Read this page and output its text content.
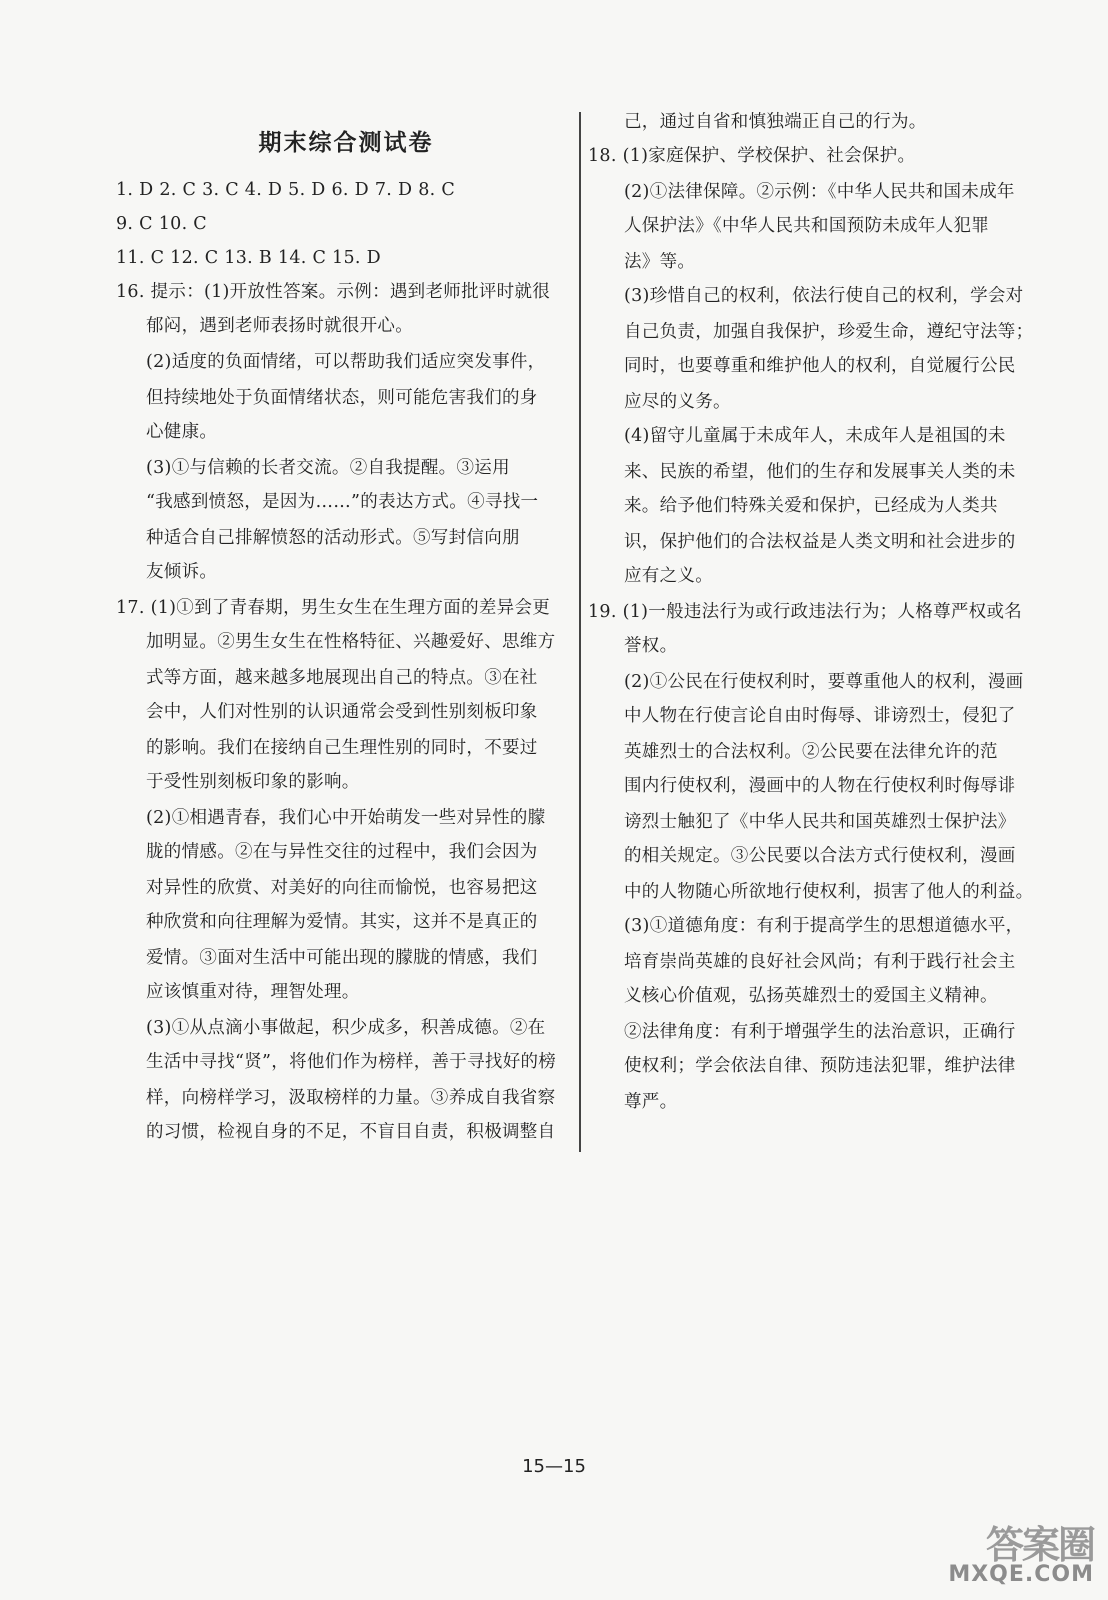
期末综合测试卷
1. D 2. C 3. C 4. D 5. D 6. D 7. D 8. C
9. C 10. C
11. C 12. C 13. B 14. C 15. D
16. 提示：(1)开放性答案。示例：遇到老师批评时就很
郁闷，遇到老师表扬时就很开心。
(2)适度的负面情绪，可以帮助我们适应突发事件，
但持续地处于负面情绪状态，则可能危害我们的身
心健康。
(3)①与信赖的长者交流。②自我提醒。③运用
“我感到愤怒，是因为……”的表达方式。④寻找一
种适合自己排解愤怒的活动形式。⑤写封信向朋
友倾诉。
17. (1)①到了青春期，男生女生在生理方面的差异会更
加明显。②男生女生在性格特征、兴趣爱好、思维方
式等方面，越来越多地展现出自己的特点。③在社
会中，人们对性别的认识通常会受到性别刻板印象
的影响。我们在接纳自己生理性别的同时，不要过
于受性别刻板印象的影响。
(2)①相遇青春，我们心中开始萌发一些对异性的朦
胧的情感。②在与异性交往的过程中，我们会因为
对异性的欣赏、对美好的向往而愉悦，也容易把这
种欣赏和向往理解为爱情。其实，这并不是真正的
爱情。③面对生活中可能出现的朦胧的情感，我们
应该慎重对待，理智处理。
(3)①从点滴小事做起，积少成多，积善成德。②在
生活中寻找“贤”，将他们作为榜样，善于寻找好的榜
样，向榜样学习，汲取榜样的力量。③养成自我省察
的习惯，检视自身的不足，不盲目自责，积极调整自
己，通过自省和慎独端正自己的行为。
18. (1)家庭保护、学校保护、社会保护。
(2)①法律保障。②示例：《中华人民共和国未成年
人保护法》《中华人民共和国预防未成年人犯罪
法》等。
(3)珍惜自己的权利，依法行使自己的权利，学会对
自己负责，加强自我保护，珍爱生命，遵纪守法等；
同时，也要尊重和维护他人的权利，自觉履行公民
应尽的义务。
(4)留守儿童属于未成年人，未成年人是祖国的未
来、民族的希望，他们的生存和发展事关人类的未
来。给予他们特殊关爱和保护，已经成为人类共
识，保护他们的合法权益是人类文明和社会进步的
应有之义。
19. (1)一般违法行为或行政违法行为；人格尊严权或名
誉权。
(2)①公民在行使权利时，要尊重他人的权利，漫画
中人物在行使言论自由时侮辱、诽谤烈士，侵犯了
英雄烈士的合法权利。②公民要在法律允许的范
围内行使权利，漫画中的人物在行使权利时侮辱诽
谤烈士触犯了《中华人民共和国英雄烈士保护法》
的相关规定。③公民要以合法方式行使权利，漫画
中的人物随心所欲地行使权利，损害了他人的利益。
(3)①道德角度：有利于提高学生的思想道德水平，
培育崇尚英雄的良好社会风尚；有利于践行社会主
义核心价值观，弘扬英雄烈士的爱国主义精神。
②法律角度：有利于增强学生的法治意识，正确行
使权利；学会依法自律、预防违法犯罪，维护法律
尊严。
15—15
答案圈
MXQE.COM
